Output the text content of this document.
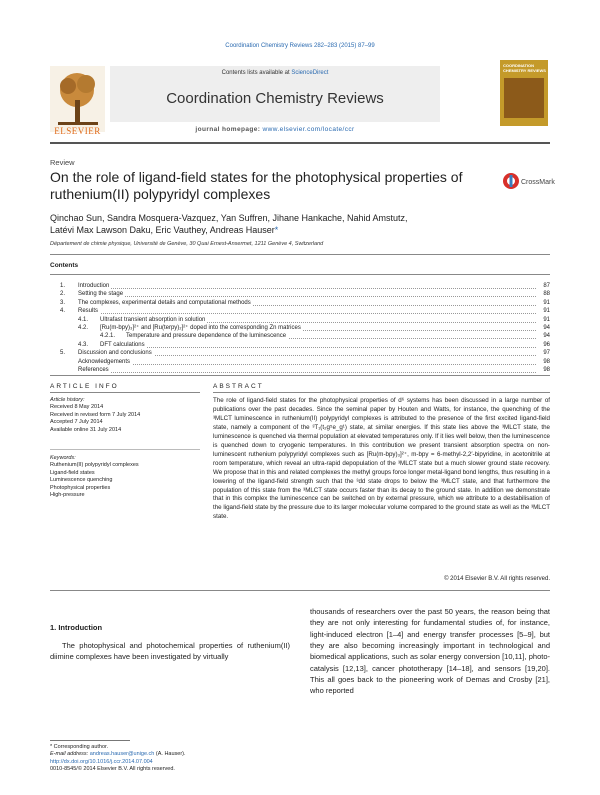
Coordination Chemistry Reviews 282–283 (2015) 87–99
ELSEVIER
Contents lists available at ScienceDirect
Coordination Chemistry Reviews
journal homepage: www.elsevier.com/locate/ccr
COORDINATION CHEMISTRY REVIEWS
Review
On the role of ligand-field states for the photophysical properties of ruthenium(II) polypyridyl complexes
CrossMark
Qinchao Sun, Sandra Mosquera-Vazquez, Yan Suffren, Jihane Hankache, Nahid Amstutz,
Latévi Max Lawson Daku, Eric Vauthey, Andreas Hauser*
Département de chimie physique, Université de Genève, 30 Quai Ernest-Ansermet, 1211 Genève 4, Switzerland
Contents
1. Introduction	87
2. Setting the stage	88
3. The complexes, experimental details and computational methods	91
4. Results	91
4.1. Ultrafast transient absorption in solution	91
4.2. [Ru(m-bpy)₃]²⁺ and [Ru(terpy)₂]²⁺ doped into the corresponding Zn matrices	94
4.2.1. Temperature and pressure dependence of the luminescence	94
4.3. DFT calculations	96
5. Discussion and conclusions	97
Acknowledgements	98
References	98
ARTICLE INFO	ABSTRACT
Article history:
Received 8 May 2014
Received in revised form 7 July 2014
Accepted 7 July 2014
Available online 31 July 2014
Keywords:
Ruthenium(II) polypyridyl complexes
Ligand-field states
Luminescence quenching
Photophysical properties
High-pressure
The role of ligand-field states for the photophysical properties of d⁶ systems has been discussed in a large number of publications over the past decades. Since the seminal paper by Houten and Watts, for instance, the quenching of the ³MLCT luminescence in ruthenium(II) polypyridyl complexes is attributed to the presence of the first excited ligand-field state, namely a component of the ³T₁(t₂g⁵e_g¹) state, at similar energies. If this state lies above the ³MLCT state, the luminescence is quenched via thermal population at elevated temperatures only. If it lies well below, then the luminescence is quenched down to cryogenic temperatures. In this contribution we present transient absorption spectra on non-luminescent ruthenium polypyridyl complexes such as [Ru(m-bpy)₃]²⁺, m-bpy = 6-methyl-2,2′-bipyridine, in acetonitrile at room temperature, which reveal an ultra-rapid depopulation of the ³MLCT state but a much slower ground state recovery. We propose that in this and related complexes the methyl groups force longer metal-ligand bond lengths, thus resulting in a lowering of the ligand-field strength such that the ³dd state drops to below the ³MLCT state, and that furthermore the population of this state from the ³MLCT state occurs faster than its decay to the ground state. In addition we demonstrate that in this complex the luminescence can be switched on by external pressure, which we attribute to a destabilisation of the ligand-field state by the pressure due to its larger molecular volume compared to the ground state as well as the ³MLCT state.
© 2014 Elsevier B.V. All rights reserved.
1. Introduction
The photophysical and photochemical properties of ruthenium(II) diimine complexes have been investigated by virtually
thousands of researchers over the past 50 years, the reason being that they are not only interesting for fundamental studies of, for instance, light-induced electron [1–4] and energy transfer processes [5–9], but they are also becoming increasingly important in technological and biomedical applications, such as solar energy conversion [10,11], photo-catalysis [12,13], cancer phototherapy [14–18], and sensors [19,20]. This all goes back to the pioneering work of Demas and Crosby [21], who reported
* Corresponding author.
E-mail address: andreas.hauser@unige.ch (A. Hauser).
http://dx.doi.org/10.1016/j.ccr.2014.07.004
0010-8545/© 2014 Elsevier B.V. All rights reserved.
